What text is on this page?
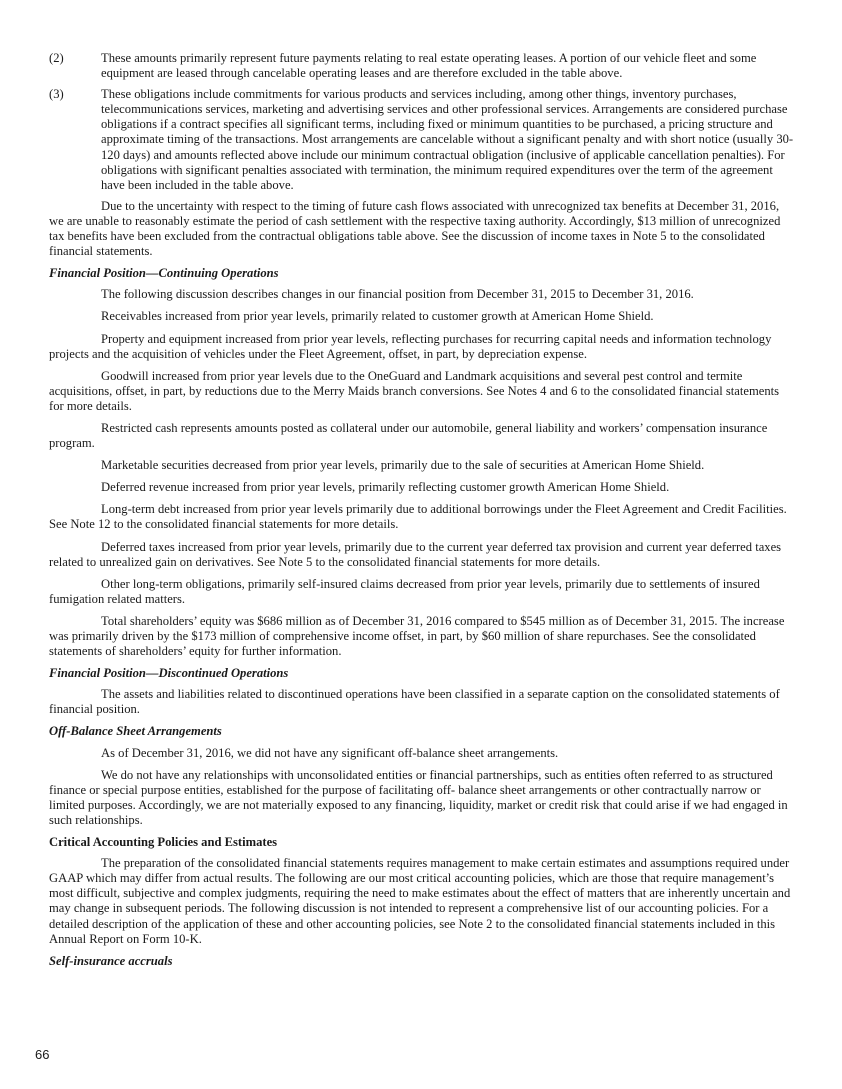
(2)	These amounts primarily represent future payments relating to real estate operating leases. A portion of our vehicle fleet and some equipment are leased through cancelable operating leases and are therefore excluded in the table above.
(3)	These obligations include commitments for various products and services including, among other things, inventory purchases, telecommunications services, marketing and advertising services and other professional services. Arrangements are considered purchase obligations if a contract specifies all significant terms, including fixed or minimum quantities to be purchased, a pricing structure and approximate timing of the transactions. Most arrangements are cancelable without a significant penalty and with short notice (usually 30-120 days) and amounts reflected above include our minimum contractual obligation (inclusive of applicable cancellation penalties). For obligations with significant penalties associated with termination, the minimum required expenditures over the term of the agreement have been included in the table above.

Due to the uncertainty with respect to the timing of future cash flows associated with unrecognized tax benefits at December 31, 2016, we are unable to reasonably estimate the period of cash settlement with the respective taxing authority. Accordingly, $13 million of unrecognized tax benefits have been excluded from the contractual obligations table above. See the discussion of income taxes in Note 5 to the consolidated financial statements.

Financial Position—Continuing Operations

The following discussion describes changes in our financial position from December 31, 2015 to December 31, 2016.

Receivables increased from prior year levels, primarily related to customer growth at American Home Shield.

Property and equipment increased from prior year levels, reflecting purchases for recurring capital needs and information technology projects and the acquisition of vehicles under the Fleet Agreement, offset, in part, by depreciation expense.

Goodwill increased from prior year levels due to the OneGuard and Landmark acquisitions and several pest control and termite acquisitions, offset, in part, by reductions due to the Merry Maids branch conversions. See Notes 4 and 6 to the consolidated financial statements for more details.

Restricted cash represents amounts posted as collateral under our automobile, general liability and workers’ compensation insurance program.

Marketable securities decreased from prior year levels, primarily due to the sale of securities at American Home Shield.

Deferred revenue increased from prior year levels, primarily reflecting customer growth American Home Shield.

Long-term debt increased from prior year levels primarily due to additional borrowings under the Fleet Agreement and Credit Facilities. See Note 12 to the consolidated financial statements for more details.

Deferred taxes increased from prior year levels, primarily due to the current year deferred tax provision and current year deferred taxes related to unrealized gain on derivatives. See Note 5 to the consolidated financial statements for more details.

Other long-term obligations, primarily self-insured claims decreased from prior year levels, primarily due to settlements of insured fumigation related matters.

Total shareholders’ equity was $686 million as of December 31, 2016 compared to $545 million as of December 31, 2015. The increase was primarily driven by the $173 million of comprehensive income offset, in part, by $60 million of share repurchases. See the consolidated statements of shareholders’ equity for further information.

Financial Position—Discontinued Operations

The assets and liabilities related to discontinued operations have been classified in a separate caption on the consolidated statements of financial position.

Off-Balance Sheet Arrangements

As of December 31, 2016, we did not have any significant off-balance sheet arrangements.

We do not have any relationships with unconsolidated entities or financial partnerships, such as entities often referred to as structured finance or special purpose entities, established for the purpose of facilitating off- balance sheet arrangements or other contractually narrow or limited purposes. Accordingly, we are not materially exposed to any financing, liquidity, market or credit risk that could arise if we had engaged in such relationships.

Critical Accounting Policies and Estimates

The preparation of the consolidated financial statements requires management to make certain estimates and assumptions required under GAAP which may differ from actual results. The following are our most critical accounting policies, which are those that require management’s most difficult, subjective and complex judgments, requiring the need to make estimates about the effect of matters that are inherently uncertain and may change in subsequent periods. The following discussion is not intended to represent a comprehensive list of our accounting policies. For a detailed description of the application of these and other accounting policies, see Note 2 to the consolidated financial statements included in this Annual Report on Form 10-K.

Self-insurance accruals
66
